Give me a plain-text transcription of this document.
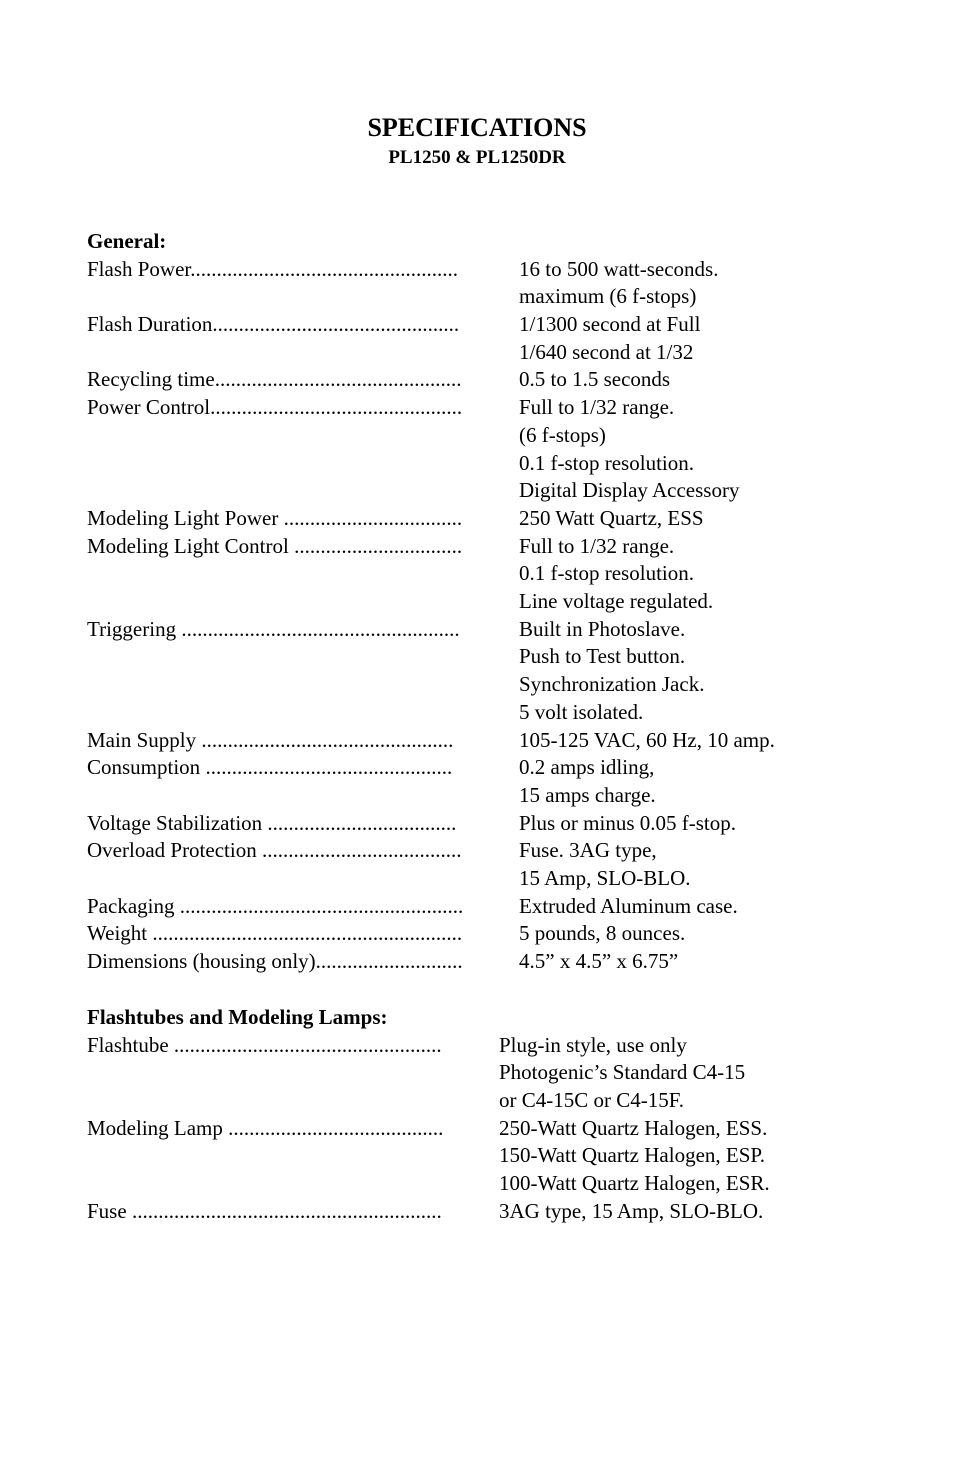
SPECIFICATIONS
PL1250 & PL1250DR
General:
Flash Power...................................................	16 to 500 watt-seconds.
maximum (6 f-stops)
Flash Duration...............................................	1/1300 second at Full
1/640 second at 1/32
Recycling time...............................................	0.5 to 1.5 seconds
Power Control................................................	Full to 1/32 range.
(6 f-stops)
0.1 f-stop resolution.
Digital Display Accessory
Modeling Light Power ..................................	250 Watt Quartz, ESS
Modeling Light Control ................................	Full to 1/32 range.
0.1 f-stop resolution.
Line voltage regulated.
Triggering .....................................................	Built in Photoslave.
Push to Test button.
Synchronization Jack.
5 volt isolated.
Main Supply ................................................	105-125 VAC, 60 Hz, 10 amp.
Consumption ...............................................	0.2 amps idling,
15 amps charge.
Voltage Stabilization ....................................	Plus or minus 0.05 f-stop.
Overload Protection ......................................	Fuse. 3AG type,
15 Amp, SLO-BLO.
Packaging ......................................................	Extruded Aluminum case.
Weight ...........................................................	5 pounds, 8 ounces.
Dimensions (housing only)............................	4.5” x 4.5” x 6.75”
Flashtubes and Modeling Lamps:
Flashtube ...................................................	Plug-in style, use only
Photogenic’s Standard C4-15
or C4-15C or C4-15F.
Modeling Lamp .........................................	250-Watt Quartz Halogen, ESS.
150-Watt Quartz Halogen, ESP.
100-Watt Quartz Halogen, ESR.
Fuse ...........................................................	3AG type, 15 Amp, SLO-BLO.
